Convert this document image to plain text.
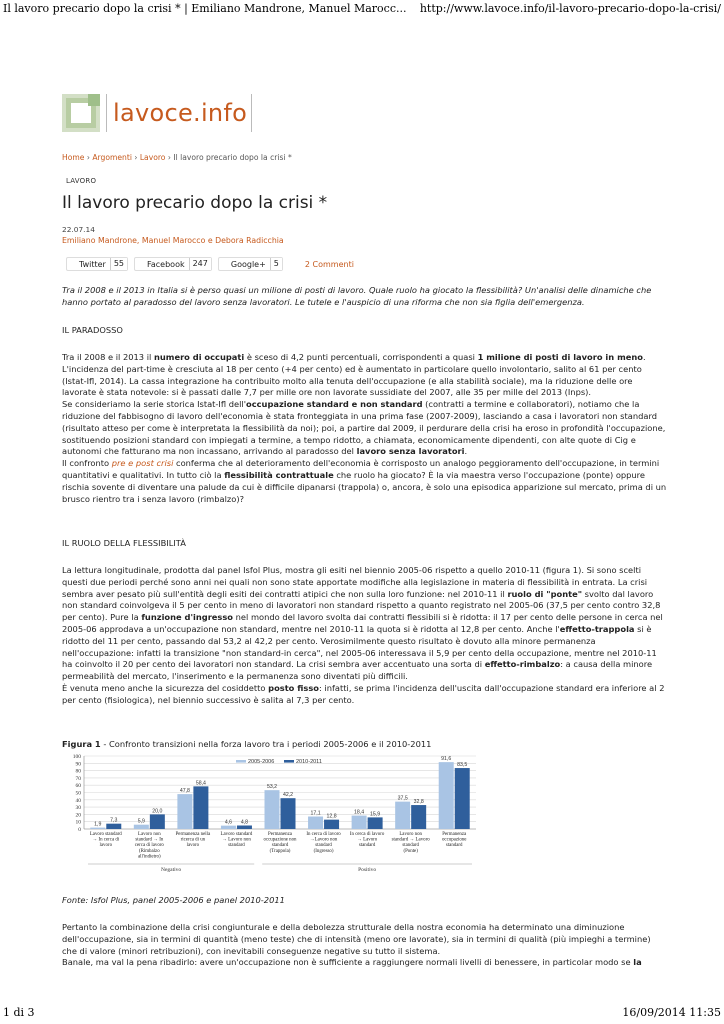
Il lavoro precario dopo la crisi * | Emiliano Mandrone, Manuel Marocc... http://www.lavoce.info/il-lavoro-precario-dopo-la-crisi/
lavoce.info
Home › Argomenti › Lavoro › Il lavoro precario dopo la crisi *
LAVORO
Il lavoro precario dopo la crisi *
22.07.14
Emiliano Mandrone, Manuel Marocco e Debora Radicchia
Twitter	55	Facebook	247	Google+	5	2 Commenti

Tra il 2008 e il 2013 in Italia si è perso quasi un milione di posti di lavoro. Quale ruolo ha giocato la flessibilità? Un'analisi delle dinamiche che hanno portato al paradosso del lavoro senza lavoratori. Le tutele e l'auspicio di una riforma che non sia figlia dell'emergenza.

IL PARADOSSO

Tra il 2008 e il 2013 il numero di occupati è sceso di 4,2 punti percentuali, corrispondenti a quasi 1 milione di posti di lavoro in meno.
L'incidenza del part-time è cresciuta al 18 per cento (+4 per cento) ed è aumentato in particolare quello involontario, salito al 61 per cento (Istat-Ifl, 2014). La cassa integrazione ha contribuito molto alla tenuta dell'occupazione (e alla stabilità sociale), ma la riduzione delle ore lavorate è stata notevole: si è passati dalle 7,7 per mille ore non lavorate sussidiate del 2007, alle 35 per mille del 2013 (Inps).
Se consideriamo la serie storica Istat-Ifl dell'occupazione standard e non standard (contratti a termine e collaboratori), notiamo che la riduzione del fabbisogno di lavoro dell'economia è stata fronteggiata in una prima fase (2007-2009), lasciando a casa i lavoratori non standard (risultato atteso per come è interpretata la flessibilità da noi); poi, a partire dal 2009, il perdurare della crisi ha eroso in profondità l'occupazione, sostituendo posizioni standard con impiegati a termine, a tempo ridotto, a chiamata, economicamente dipendenti, con alte quote di Cig e autonomi che fatturano ma non incassano, arrivando al paradosso del lavoro senza lavoratori.
Il confronto pre e post crisi conferma che al deterioramento dell'economia è corrisposto un analogo peggioramento dell'occupazione, in termini quantitativi e qualitativi. In tutto ciò la flessibilità contrattuale che ruolo ha giocato? È la via maestra verso l'occupazione (ponte) oppure rischia sovente di diventare una palude da cui è difficile dipanarsi (trappola) o, ancora, è solo una episodica apparizione sul mercato, prima di un brusco rientro tra i senza lavoro (rimbalzo)?

IL RUOLO DELLA FLESSIBILITÀ

La lettura longitudinale, prodotta dal panel Isfol Plus, mostra gli esiti nel biennio 2005-06 rispetto a quello 2010-11 (figura 1). Si sono scelti questi due periodi perché sono anni nei quali non sono state apportate modifiche alla legislazione in materia di flessibilità in entrata. La crisi sembra aver pesato più sull'entità degli esiti dei contratti atipici che non sulla loro funzione: nel 2010-11 il ruolo di "ponte" svolto dal lavoro non standard coinvolgeva il 5 per cento in meno di lavoratori non standard rispetto a quanto registrato nel 2005-06 (37,5 per cento contro 32,8 per cento). Pure la funzione d'ingresso nel mondo del lavoro svolta dai contratti flessibili si è ridotta: il 17 per cento delle persone in cerca nel 2005-06 approdava a un'occupazione non standard, mentre nel 2010-11 la quota si è ridotta al 12,8 per cento. Anche l'effetto-trappola si è ridotto del 11 per cento, passando dal 53,2 al 42,2 per cento. Verosimilmente questo risultato è dovuto alla minore permanenza nell'occupazione: infatti la transizione "non standard-in cerca", nel 2005-06 interessava il 5,9 per cento della occupazione, mentre nel 2010-11 ha coinvolto il 20 per cento dei lavoratori non standard. La crisi sembra aver accentuato una sorta di effetto-rimbalzo: a causa della minore permeabilità del mercato, l'inserimento e la permanenza sono diventati più difficili.
È venuta meno anche la sicurezza del cosiddetto posto fisso: infatti, se prima l'incidenza dell'uscita dall'occupazione standard era inferiore al 2 per cento (fisiologica), nel biennio successivo è salita al 7,3 per cento.
Figura 1 - Confronto transizioni nella forza lavoro tra i periodi 2005-2006 e il 2010-2011
0
10
20
30
40
50
60
70
80
90
100
1,9	5,9
47,8
4,6
53,2
17,1	18,4
37,5
91,6
7,3
20,0
58,4
4,8
42,2
12,8	15,9
32,8
83,5
Lavoro standard
→ In cerca di
lavoro
Lavoro non
standard → In
cerca di lavoro
(Rimbalzo
all'indietro)
Permanenza nella
ricerca di un
lavoro
Lavoro standard
→ Lavoro non
standard
Permanenza
occupazione non
standard
(Trappola)
In cerca di lavoro
→Lavoro non
standard
(Ingresso)
In cerca di lavoro
→ Lavoro
standard
Lavoro non
standard → Lavoro
standard
(Ponte)
Permanenza
occupazione
standard
Negativo	Positivo
2005-2006	2010-2011

Fonte: Isfol Plus, panel 2005-2006 e panel 2010-2011

Pertanto la combinazione della crisi congiunturale e della debolezza strutturale della nostra economia ha determinato una diminuzione dell'occupazione, sia in termini di quantità (meno teste) che di intensità (meno ore lavorate), sia in termini di qualità (più impieghi a termine) che di valore (minori retribuzioni), con inevitabili conseguenze negative su tutto il sistema.
Banale, ma val la pena ribadirlo: avere un'occupazione non è sufficiente a raggiungere normali livelli di benessere, in particolar modo se la
1 di 3	16/09/2014 11:35
